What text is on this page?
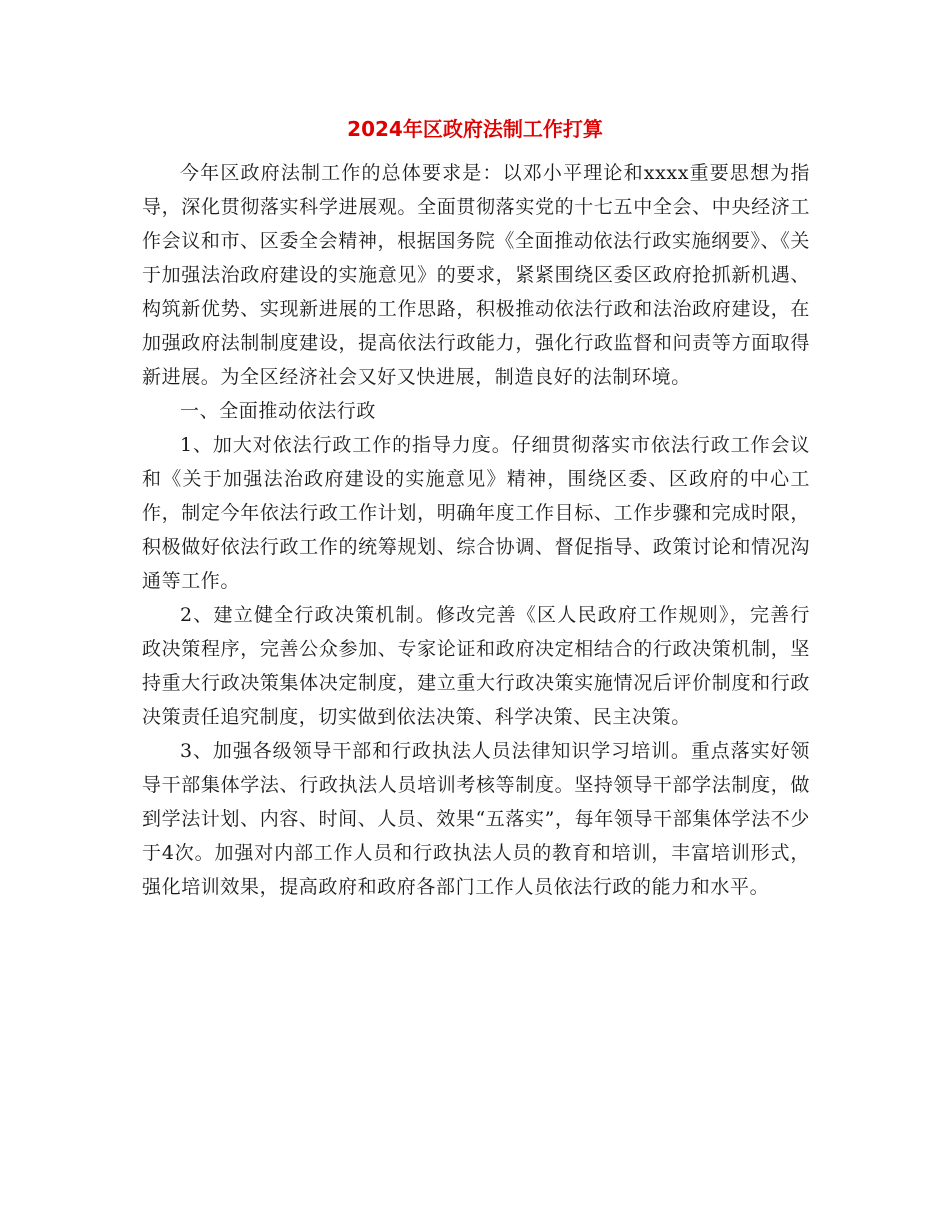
2024年区政府法制工作打算

今年区政府法制工作的总体要求是：以邓小平理论和xxxx重要思想为指导，深化贯彻落实科学进展观。全面贯彻落实党的十七五中全会、中央经济工作会议和市、区委全会精神，根据国务院《全面推动依法行政实施纲要》、《关于加强法治政府建设的实施意见》的要求，紧紧围绕区委区政府抢抓新机遇、构筑新优势、实现新进展的工作思路，积极推动依法行政和法治政府建设，在加强政府法制制度建设，提高依法行政能力，强化行政监督和问责等方面取得新进展。为全区经济社会又好又快进展，制造良好的法制环境。

一、全面推动依法行政

1、加大对依法行政工作的指导力度。仔细贯彻落实市依法行政工作会议和《关于加强法治政府建设的实施意见》精神，围绕区委、区政府的中心工作，制定今年依法行政工作计划，明确年度工作目标、工作步骤和完成时限，积极做好依法行政工作的统筹规划、综合协调、督促指导、政策讨论和情况沟通等工作。

2、建立健全行政决策机制。修改完善《区人民政府工作规则》，完善行政决策程序，完善公众参加、专家论证和政府决定相结合的行政决策机制，坚持重大行政决策集体决定制度，建立重大行政决策实施情况后评价制度和行政决策责任追究制度，切实做到依法决策、科学决策、民主决策。

3、加强各级领导干部和行政执法人员法律知识学习培训。重点落实好领导干部集体学法、行政执法人员培训考核等制度。坚持领导干部学法制度，做到学法计划、内容、时间、人员、效果“五落实”，每年领导干部集体学法不少于4次。加强对内部工作人员和行政执法人员的教育和培训，丰富培训形式，强化培训效果，提高政府和政府各部门工作人员依法行政的能力和水平。
